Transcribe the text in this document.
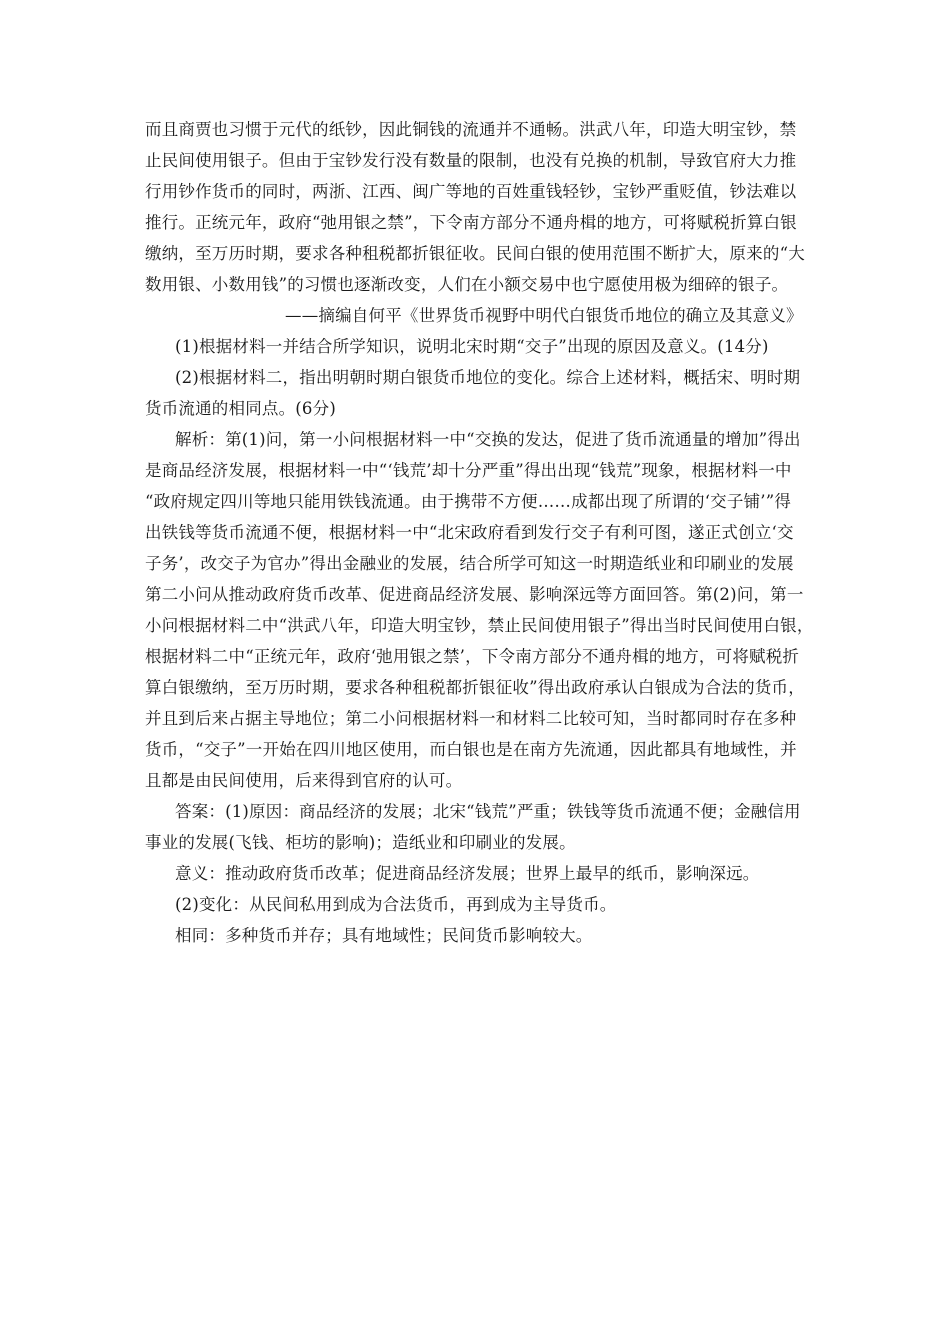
而且商贾也习惯于元代的纸钞，因此铜钱的流通并不通畅。洪武八年，印造大明宝钞，禁
止民间使用银子。但由于宝钞发行没有数量的限制，也没有兑换的机制，导致官府大力推
行用钞作货币的同时，两浙、江西、闽广等地的百姓重钱轻钞，宝钞严重贬值，钞法难以
推行。正统元年，政府“弛用银之禁”，下令南方部分不通舟楫的地方，可将赋税折算白银
缴纳，至万历时期，要求各种租税都折银征收。民间白银的使用范围不断扩大，原来的“大
数用银、小数用钱”的习惯也逐渐改变，人们在小额交易中也宁愿使用极为细碎的银子。
——摘编自何平《世界货币视野中明代白银货币地位的确立及其意义》
(1)根据材料一并结合所学知识，说明北宋时期“交子”出现的原因及意义。(14分)
(2)根据材料二，指出明朝时期白银货币地位的变化。综合上述材料，概括宋、明时期
货币流通的相同点。(6分)
解析：第(1)问，第一小问根据材料一中“交换的发达，促进了货币流通量的增加”得出
是商品经济发展，根据材料一中“‘钱荒’却十分严重”得出出现“钱荒”现象，根据材料一中
“政府规定四川等地只能用铁钱流通。由于携带不方便……成都出现了所谓的‘交子铺’”得
出铁钱等货币流通不便，根据材料一中“北宋政府看到发行交子有利可图，遂正式创立‘交
子务’，改交子为官办”得出金融业的发展，结合所学可知这一时期造纸业和印刷业的发展
第二小问从推动政府货币改革、促进商品经济发展、影响深远等方面回答。第(2)问，第一
小问根据材料二中“洪武八年，印造大明宝钞，禁止民间使用银子”得出当时民间使用白银，
根据材料二中“正统元年，政府‘弛用银之禁’，下令南方部分不通舟楫的地方，可将赋税折
算白银缴纳，至万历时期，要求各种租税都折银征收”得出政府承认白银成为合法的货币，
并且到后来占据主导地位；第二小问根据材料一和材料二比较可知，当时都同时存在多种
货币，“交子”一开始在四川地区使用，而白银也是在南方先流通，因此都具有地域性，并
且都是由民间使用，后来得到官府的认可。
答案：(1)原因：商品经济的发展；北宋“钱荒”严重；铁钱等货币流通不便；金融信用
事业的发展(飞钱、柜坊的影响)；造纸业和印刷业的发展。
意义：推动政府货币改革；促进商品经济发展；世界上最早的纸币，影响深远。
(2)变化：从民间私用到成为合法货币，再到成为主导货币。
相同：多种货币并存；具有地域性；民间货币影响较大。
